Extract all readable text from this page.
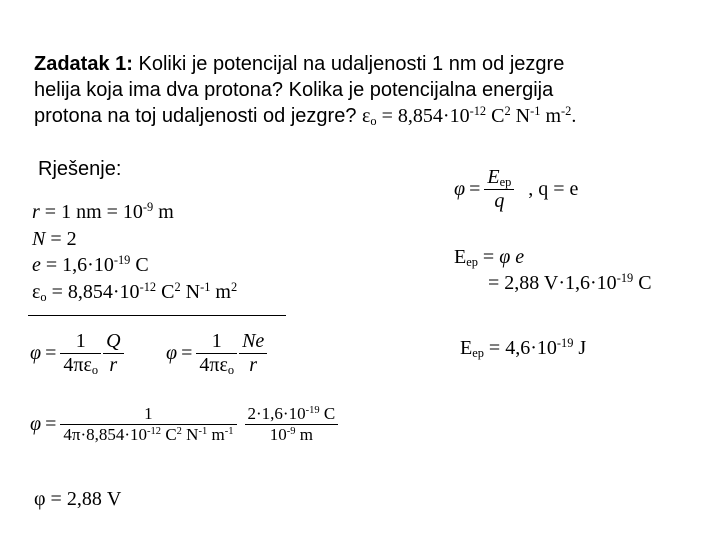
Zadatak 1: Koliki je potencijal na udaljenosti 1 nm od jezgre
helija koja ima dva protona? Kolika je potencijalna energija
protona na toj udaljenosti od jezgre? $\varepsilon_o = 8,854\cdot 10^{-12}$ $C^2$ $N^{-1}$ $m^{-2}$.
Rješenje:
r = 1 nm = $10^{-9}$ m
N = 2
$e = 1,6\cdot 10^{-19}$ C
$\varepsilon_o = 8,854\cdot 10^{-12}$ $C^2$ $N^{-1}$ $m^2$
$\varphi = \frac{1}{4\pi\varepsilon_o} \frac{Q}{r}$ $\varphi = \frac{1}{4\pi\varepsilon_o} \frac{Ne}{r}$
$\varphi = \frac{1}{4\pi\cdot 8,854\cdot 10^{-12} C^2 N^{-1} m^{-1}} \frac{2\cdot 1,6\cdot 10^{-19} C}{10^{-9} m}$
φ = 2,88 V
$\varphi = \frac{E_{ep}}{q}$ , q = e
$E_{ep} = \varphi$ e
= 2,88 $V\cdot 1,6\cdot 10^{-19}$ C
$E_{ep} = 4,6\cdot 10^{-19}$ J
